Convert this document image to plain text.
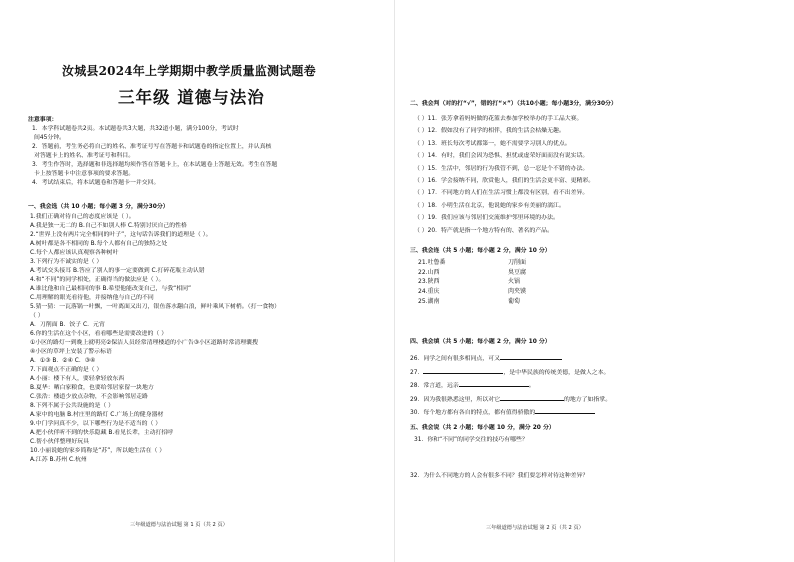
汝城县2024年上学期期中教学质量监测试题卷
三年级 道德与法治
注意事项：
1．本学科试题卷共2页。本试题卷共3大题，共32道小题，满分100分，考试时
间45分钟。
2．答题前，考生务必将自己的姓名、准考证号写在答题卡和试题卷的指定位置上，并认真核
对答题卡上的姓名、准考证号和科目。
3．考生作答时，选择题和非选择题均须作答在答题卡上，在本试题卷上答题无效。考生在答题
卡上按答题卡中注意事项的要求答题。
4．考试结束后，将本试题卷和答题卡一并交回。
一、我会选（共 10 小题；每小题 3 分，满分30分）
1.我们正确对待自己的态度应该是（ ）。
A.我是独一无二的 B.自己不如别人棒 C.特别讨厌自己的性格
2.“世界上没有两片完全相同的叶子”，这句话告诉我们的道理是（ ）。
A.树叶都是各不相同的 B.每个人都有自己的独特之处
C.每个人都应该认真观察各种树叶
3.下列行为不诚实的是（ ）
A.考试交头接耳 B.答应了别人的事一定要做到 C.打碎花瓶主动认错
4.和“不同”的同学相处，正确得当的做法应是（ ）。
A.谁比他和自己最相同的事 B.希望他能改变自己，与我“相同”
C.用理解的眼光看待他，并接纳他与自己的不同
5.猜一猜：一瓦落锅一叶飘，一叶离面又出刀，银鱼落水翻白浪，鲜叶乘风下树梢。（打一食物）
（ ）
A．刀削面 B．饺子 C．元宵
6.你的生活在这个小区，看看哪些是需要改进的（ ）
①小区的路灯一到晚上就明亮②保洁人员经常清理楼道的小广告③小区道路时常清理囊搜
④小区的草坪上安装了警示标语
A．①③ B．②④ C．③④
7.下面观点不正确的是（ ）
A.小丽：楼下有人，要轻拿轻放东西
B.夏华：晒白家粮食，也要给邻居家留一块地方
C.张浩：楼道少放点杂物，不会影响邻居走路
8.下列不属于公共设施的是（ ）
A.家中的电脑 B.村庄里的路灯 C.广场上的健身器材
9.中门学问真不少，以下哪些行为是不适当的（ ）
A.把小伙伴听不到的快乐隐藏 B.看见长辈，主动打招呼
C.帮小伙伴整理好玩具
10.小丽说她的家乡简称是“苏”，所以她生活在（ ）
A.江苏 B.苏州 C.杭州
三年级道德与法治试题 第 1 页（共 2 页）
二、我会判（对的打“√”，错的打“×”）（共10小题；每小题3分，满分30分）
（ ）11．张芳拿着妈妈做的花篮去参加学校举办的手工品大赛。
（ ）12．假如没有了同学的相伴，我的生活会枯燥无趣。
（ ）13．班长每次考试都第一，她不需要学习别人的优点。
（ ）14．有时，我们会因为恐惧、担忧或虚荣好面而没有说实话。
（ ）15．生活中，邻居的行为我管不到，总一忍是个不错的办法。
（ ）16．学会接纳不同，欣赏他人，我们的生活会更丰富、更精彩。
（ ）17．不同地方的人们在生活习惯上都没有区别，看不出差异。
（ ）18．小明生活在北京，他说她的家乡有美丽的漓江。
（ ）19．我们应该与邻居们交流维护邻里环境的办法。
（ ）20．特产就是指一个地方特有的、著名的产品。
三、我会连（共 5 小题；每小题 2 分，满分 10 分）
21.吐鲁番
22.山西
23.陕西
24.重庆
25.湖南
刀削面
臭豆腐
火锅
肉夹馍
葡萄
四、我会填（共 5 小题；每小题 2 分，满分 10 分）
26．同学之间有很多相同点，可又
27．	，是中华民族的传统美德，是做人之本。
28．常言道，远亲	。
29．因为我很熟悉这里，所以对它	的地方了如指掌。
30．每个地方都有各自的特点，都有值得骄傲的
五、我会说（共 2 小题；每小题 10 分，满分 20 分）
31．你和“不同”的同学交往的技巧有哪些？
32．为什么不同地方的人会有很多不同？我们要怎样对待这种差异？
三年级道德与法治试题 第 2 页（共 2 页）
